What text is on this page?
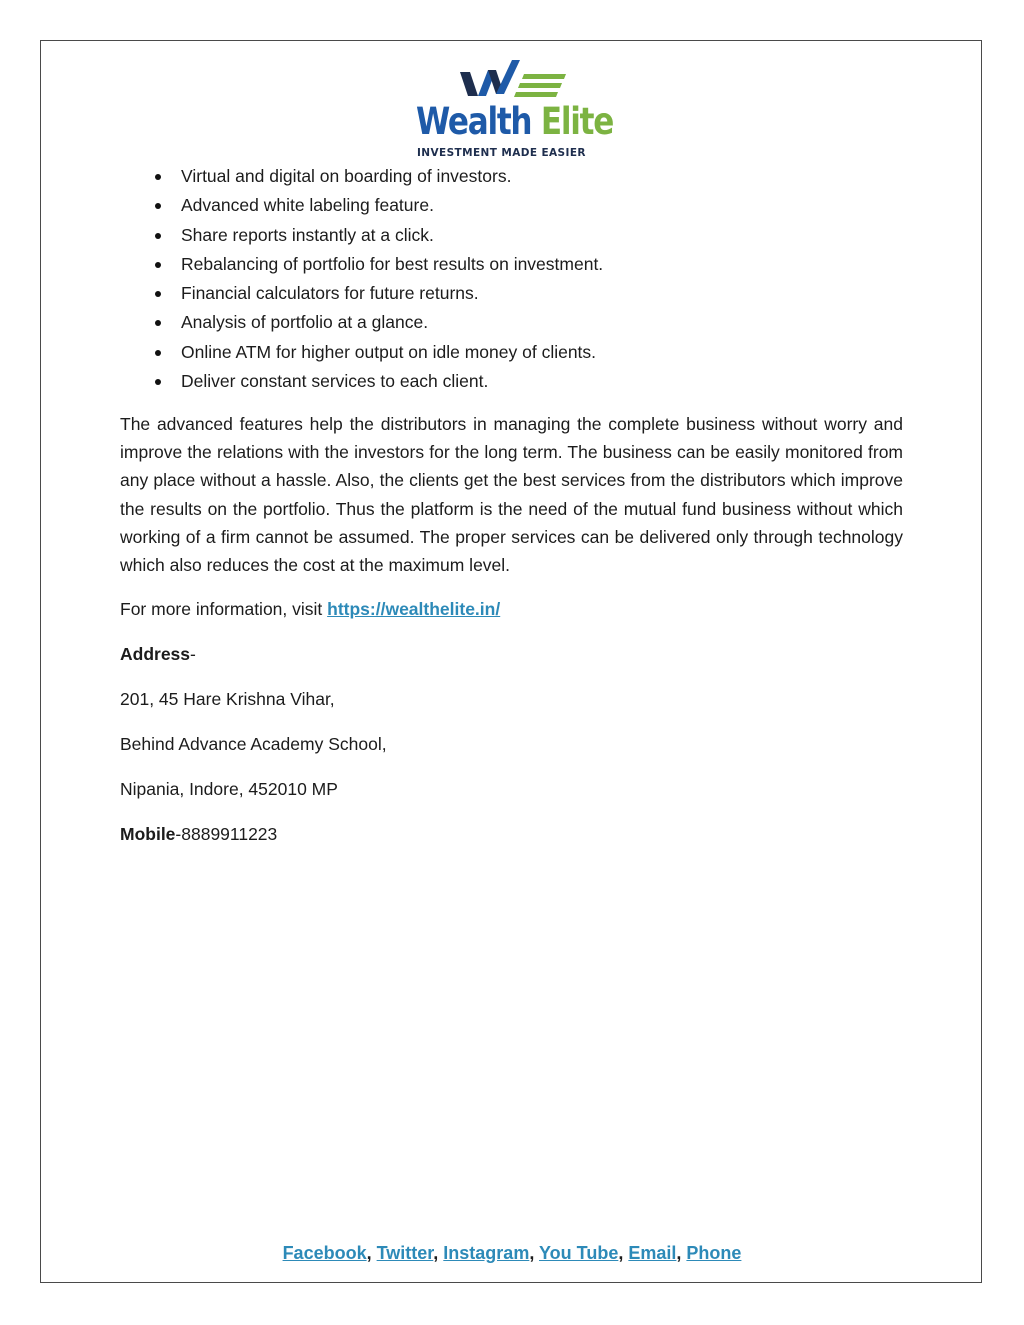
Wealth Elite
INVESTMENT MADE EASIER
Virtual and digital on boarding of investors.
Advanced white labeling feature.
Share reports instantly at a click.
Rebalancing of portfolio for best results on investment.
Financial calculators for future returns.
Analysis of portfolio at a glance.
Online ATM for higher output on idle money of clients.
Deliver constant services to each client.

The advanced features help the distributors in managing the complete business without worry and improve the relations with the investors for the long term. The business can be easily monitored from any place without a hassle. Also, the clients get the best services from the distributors which improve the results on the portfolio. Thus the platform is the need of the mutual fund business without which working of a firm cannot be assumed. The proper services can be delivered only through technology which also reduces the cost at the maximum level.

For more information, visit https://wealthelite.in/
Address-
201, 45 Hare Krishna Vihar,
Behind Advance Academy School,
Nipania, Indore, 452010 MP
Mobile-8889911223
Facebook, Twitter, Instagram, You Tube, Email, Phone
